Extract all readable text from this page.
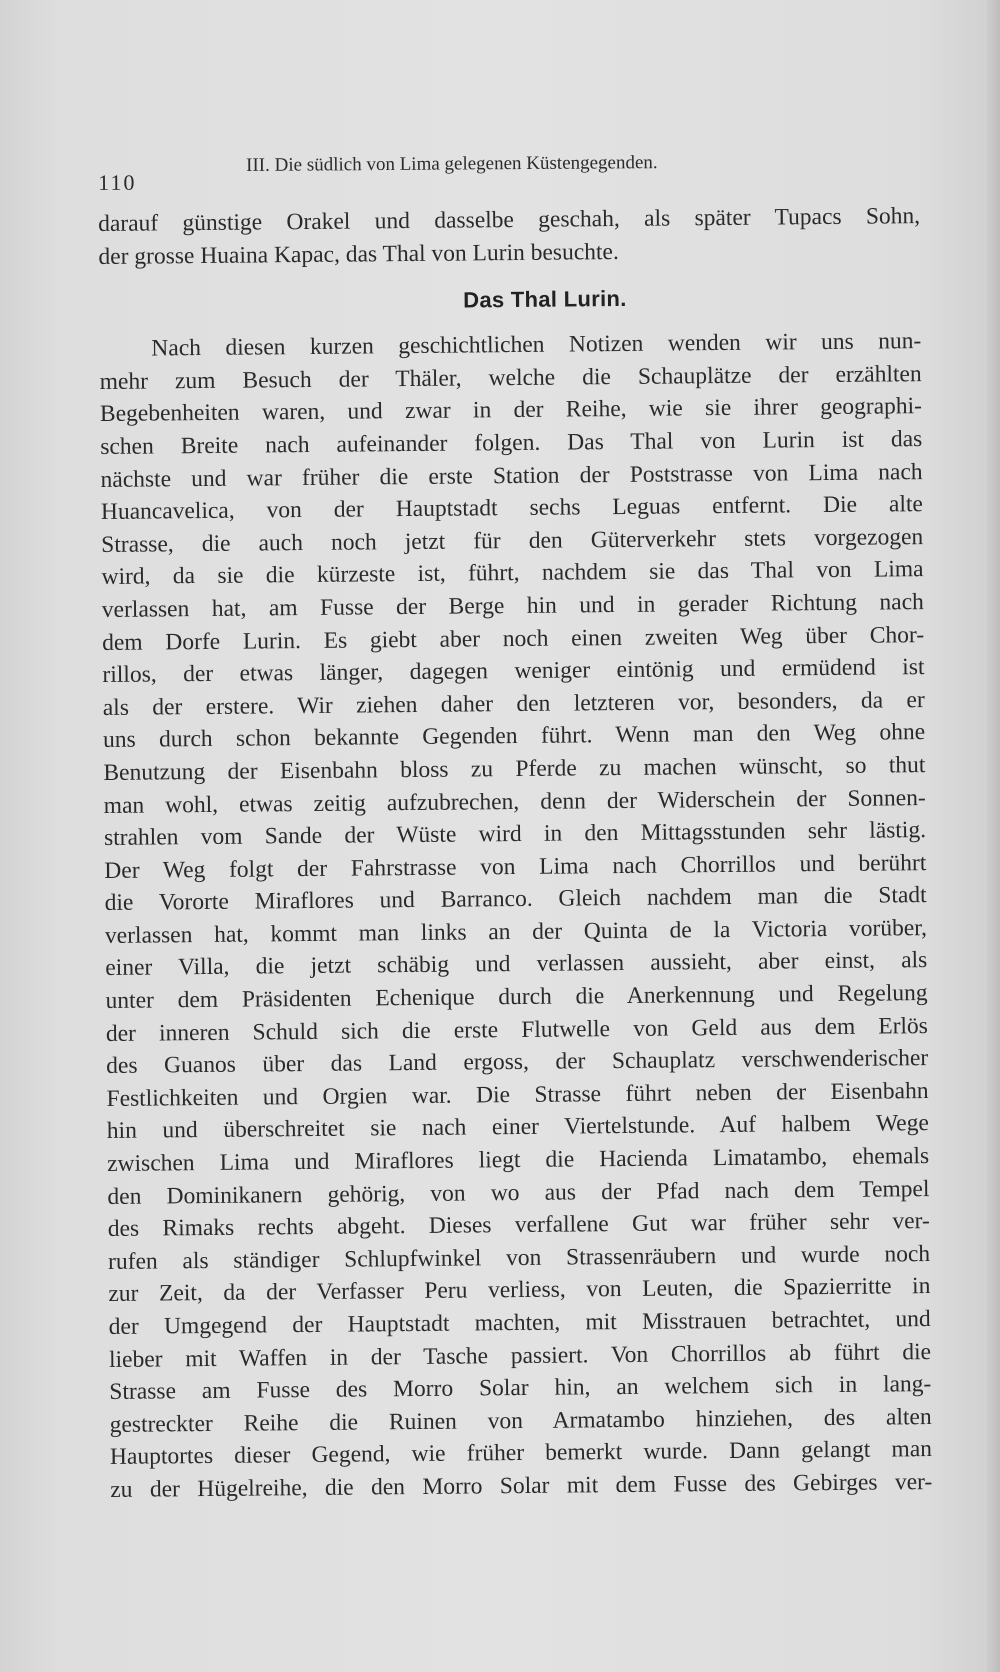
110
III. Die südlich von Lima gelegenen Küstengegenden.
darauf günstige Orakel und dasselbe geschah, als später Tupacs Sohn,
der grosse Huaina Kapac, das Thal von Lurin besuchte.
Das Thal Lurin.
Nach diesen kurzen geschichtlichen Notizen wenden wir uns nun-
mehr zum Besuch der Thäler, welche die Schauplätze der erzählten
Begebenheiten waren, und zwar in der Reihe, wie sie ihrer geographi-
schen Breite nach aufeinander folgen. Das Thal von Lurin ist das
nächste und war früher die erste Station der Poststrasse von Lima nach
Huancavelica, von der Hauptstadt sechs Leguas entfernt. Die alte
Strasse, die auch noch jetzt für den Güterverkehr stets vorgezogen
wird, da sie die kürzeste ist, führt, nachdem sie das Thal von Lima
verlassen hat, am Fusse der Berge hin und in gerader Richtung nach
dem Dorfe Lurin. Es giebt aber noch einen zweiten Weg über Chor-
rillos, der etwas länger, dagegen weniger eintönig und ermüdend ist
als der erstere. Wir ziehen daher den letzteren vor, besonders, da er
uns durch schon bekannte Gegenden führt. Wenn man den Weg ohne
Benutzung der Eisenbahn bloss zu Pferde zu machen wünscht, so thut
man wohl, etwas zeitig aufzubrechen, denn der Widerschein der Sonnen-
strahlen vom Sande der Wüste wird in den Mittagsstunden sehr lästig.
Der Weg folgt der Fahrstrasse von Lima nach Chorrillos und berührt
die Vororte Miraflores und Barranco. Gleich nachdem man die Stadt
verlassen hat, kommt man links an der Quinta de la Victoria vorüber,
einer Villa, die jetzt schäbig und verlassen aussieht, aber einst, als
unter dem Präsidenten Echenique durch die Anerkennung und Regelung
der inneren Schuld sich die erste Flutwelle von Geld aus dem Erlös
des Guanos über das Land ergoss, der Schauplatz verschwenderischer
Festlichkeiten und Orgien war. Die Strasse führt neben der Eisenbahn
hin und überschreitet sie nach einer Viertelstunde. Auf halbem Wege
zwischen Lima und Miraflores liegt die Hacienda Limatambo, ehemals
den Dominikanern gehörig, von wo aus der Pfad nach dem Tempel
des Rimaks rechts abgeht. Dieses verfallene Gut war früher sehr ver-
rufen als ständiger Schlupfwinkel von Strassenräubern und wurde noch
zur Zeit, da der Verfasser Peru verliess, von Leuten, die Spazierritte in
der Umgegend der Hauptstadt machten, mit Misstrauen betrachtet, und
lieber mit Waffen in der Tasche passiert. Von Chorrillos ab führt die
Strasse am Fusse des Morro Solar hin, an welchem sich in lang-
gestreckter Reihe die Ruinen von Armatambo hinziehen, des alten
Hauptortes dieser Gegend, wie früher bemerkt wurde. Dann gelangt man
zu der Hügelreihe, die den Morro Solar mit dem Fusse des Gebirges ver-
